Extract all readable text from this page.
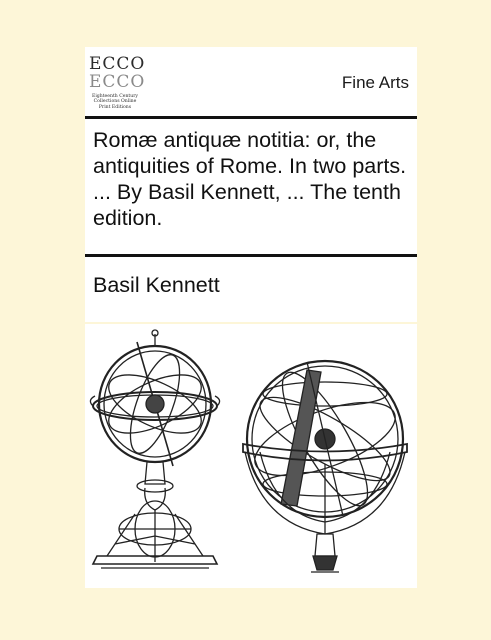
ECCO
ECCO
Eighteenth Century
Collections Online
Print Editions
Fine Arts
Romæ antiquæ notitia: or, the antiquities of Rome. In two parts. ... By Basil Kennett, ... The tenth edition.
Basil Kennett
